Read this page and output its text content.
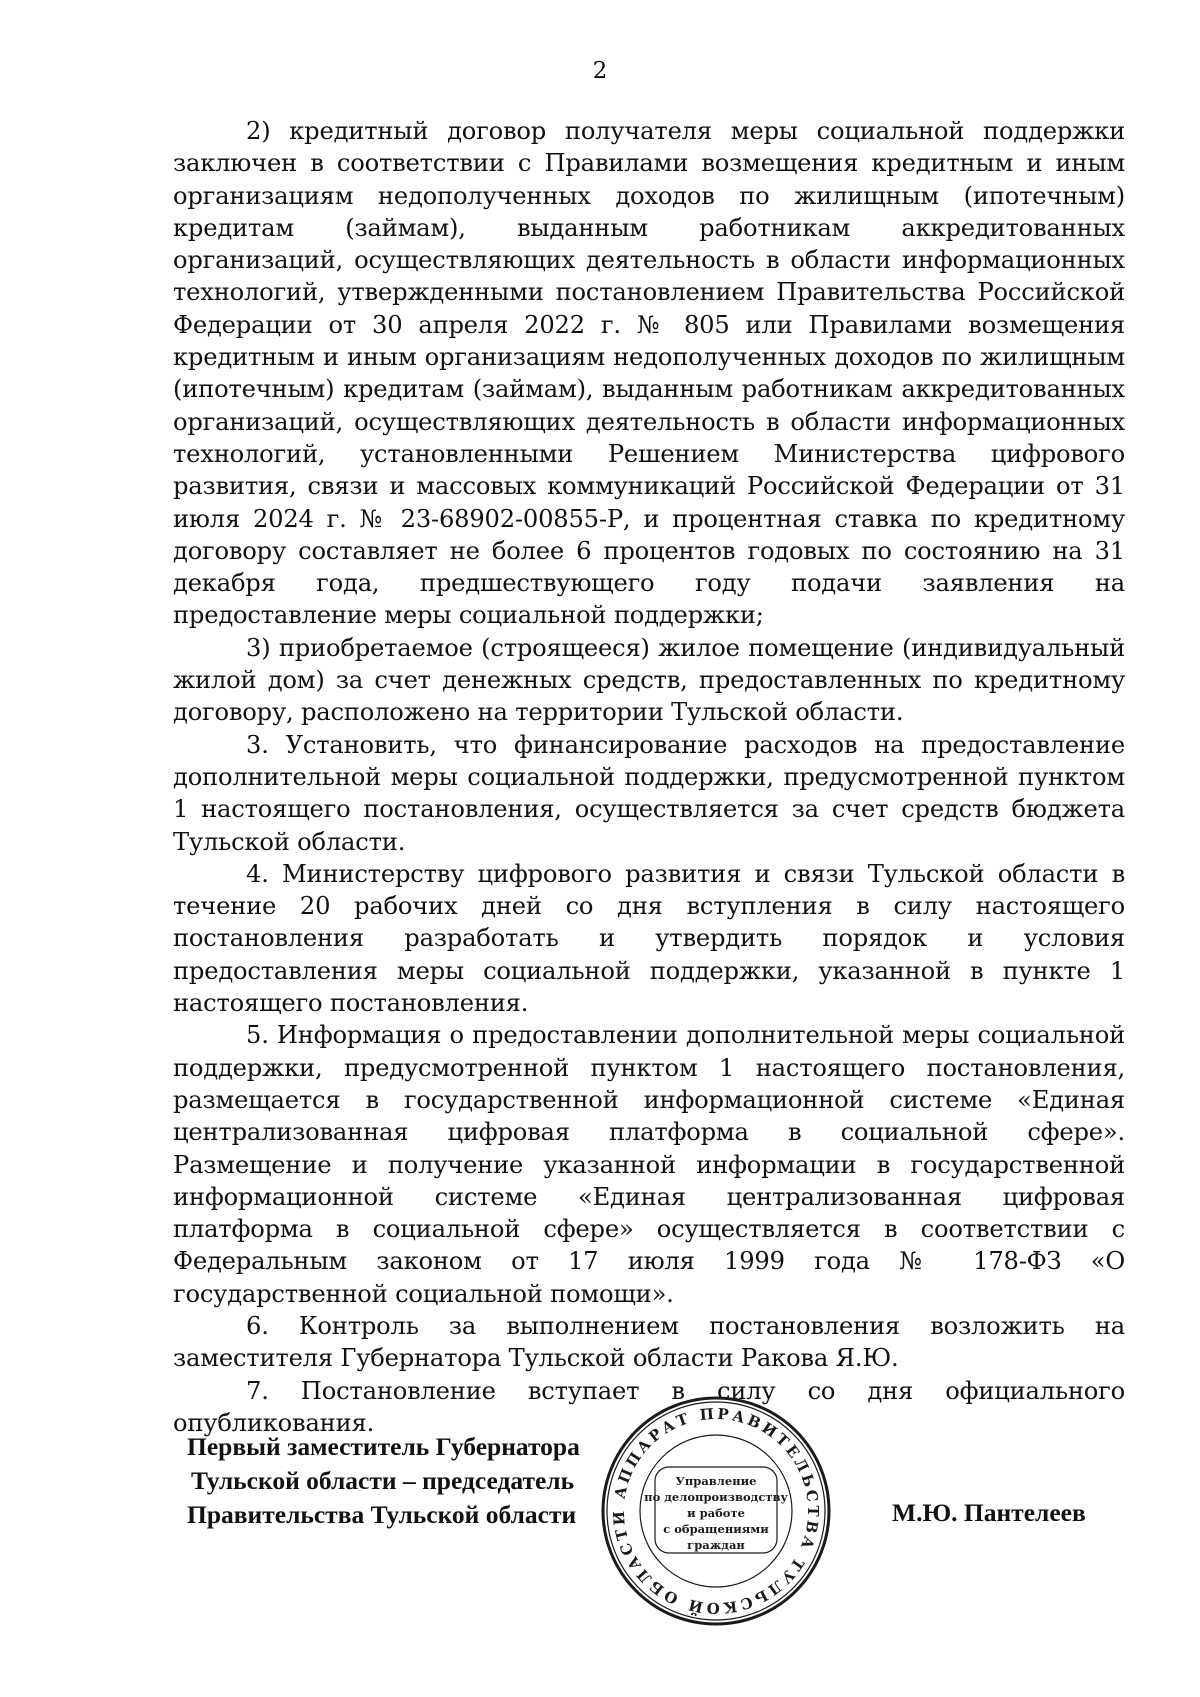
2

2) кредитный договор получателя меры социальной поддержки заключен в соответствии с Правилами возмещения кредитным и иным организациям недополученных доходов по жилищным (ипотечным) кредитам (займам), выданным работникам аккредитованных организаций, осуществляющих деятельность в области информационных технологий, утвержденными постановлением Правительства Российской Федерации от 30 апреля 2022 г. № 805 или Правилами возмещения кредитным и иным организациям недополученных доходов по жилищным (ипотечным) кредитам (займам), выданным работникам аккредитованных организаций, осуществляющих деятельность в области информационных технологий, установленными Решением Министерства цифрового развития, связи и массовых коммуникаций Российской Федерации от 31 июля 2024 г. № 23-68902-00855-Р, и процентная ставка по кредитному договору составляет не более 6 процентов годовых по состоянию на 31 декабря года, предшествующего году подачи заявления на предоставление меры социальной поддержки;

3) приобретаемое (строящееся) жилое помещение (индивидуальный жилой дом) за счет денежных средств, предоставленных по кредитному договору, расположено на территории Тульской области.

3. Установить, что финансирование расходов на предоставление дополнительной меры социальной поддержки, предусмотренной пунктом 1 настоящего постановления, осуществляется за счет средств бюджета Тульской области.

4. Министерству цифрового развития и связи Тульской области в течение 20 рабочих дней со дня вступления в силу настоящего постановления разработать и утвердить порядок и условия предоставления меры социальной поддержки, указанной в пункте 1 настоящего постановления.

5. Информация о предоставлении дополнительной меры социальной поддержки, предусмотренной пунктом 1 настоящего постановления, размещается в государственной информационной системе «Единая централизованная цифровая платформа в социальной сфере». Размещение и получение указанной информации в государственной информационной системе «Единая централизованная цифровая платформа в социальной сфере» осуществляется в соответствии с Федеральным законом от 17 июля 1999 года № 178-ФЗ «О государственной социальной помощи».

6. Контроль за выполнением постановления возложить на заместителя Губернатора Тульской области Ракова Я.Ю.

7. Постановление вступает в силу со дня официального опубликования.

Первый заместитель Губернатора
Тульской области – председатель
Правительства Тульской области	М.Ю. Пантелеев
АППАРАТ ПРАВИТЕЛЬСТВА ТУЛЬСКОЙ ОБЛАСТИ
Управление
по делопроизводству
и работе
с обращениями
граждан
